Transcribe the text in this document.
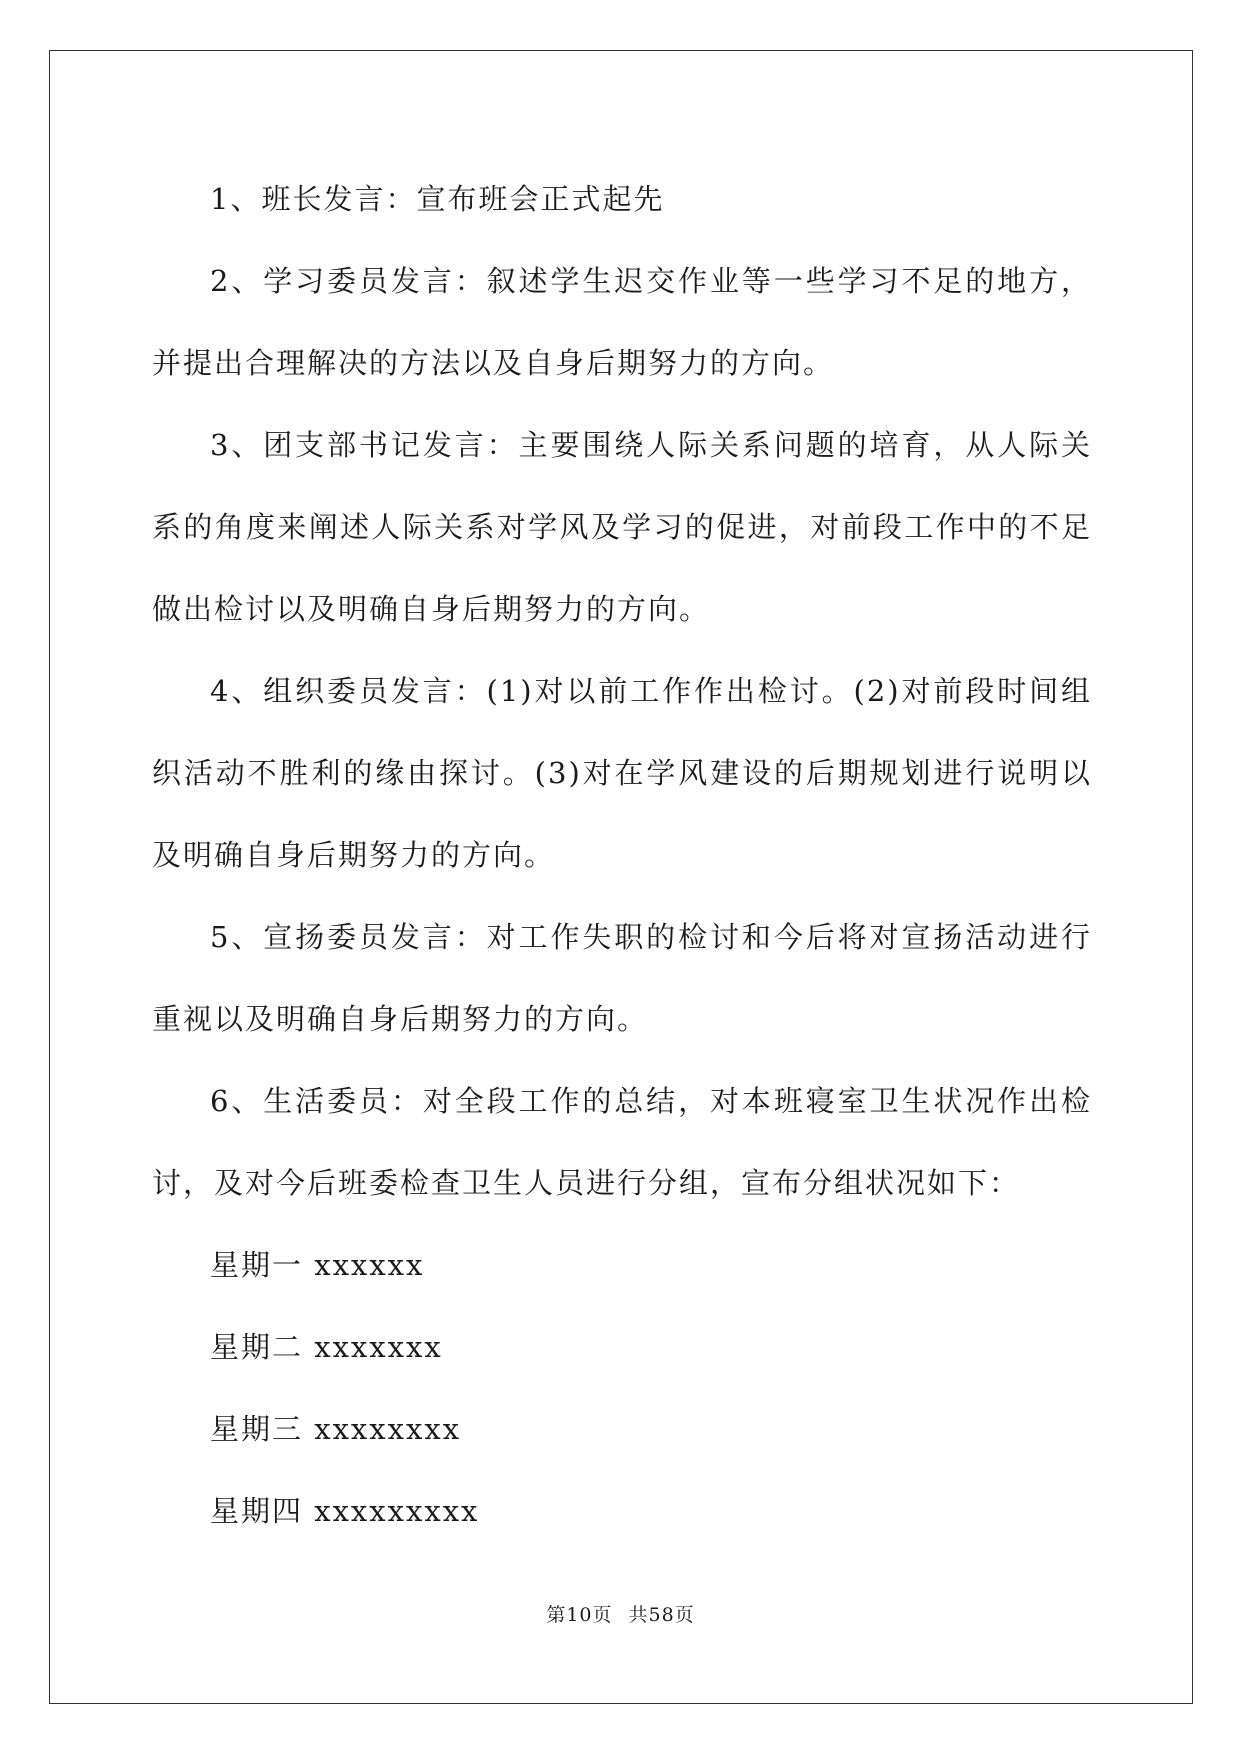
1、班长发言：宣布班会正式起先

2、学习委员发言：叙述学生迟交作业等一些学习不足的地方，并提出合理解决的方法以及自身后期努力的方向。

3、团支部书记发言：主要围绕人际关系问题的培育，从人际关系的角度来阐述人际关系对学风及学习的促进，对前段工作中的不足做出检讨以及明确自身后期努力的方向。

4、组织委员发言：(1)对以前工作作出检讨。(2)对前段时间组织活动不胜利的缘由探讨。(3)对在学风建设的后期规划进行说明以及明确自身后期努力的方向。

5、宣扬委员发言：对工作失职的检讨和今后将对宣扬活动进行重视以及明确自身后期努力的方向。

6、生活委员：对全段工作的总结，对本班寝室卫生状况作出检讨，及对今后班委检查卫生人员进行分组，宣布分组状况如下：

星期一 xxxxxx

星期二 xxxxxxx

星期三 xxxxxxxx

星期四 xxxxxxxxx

第10页 共58页
